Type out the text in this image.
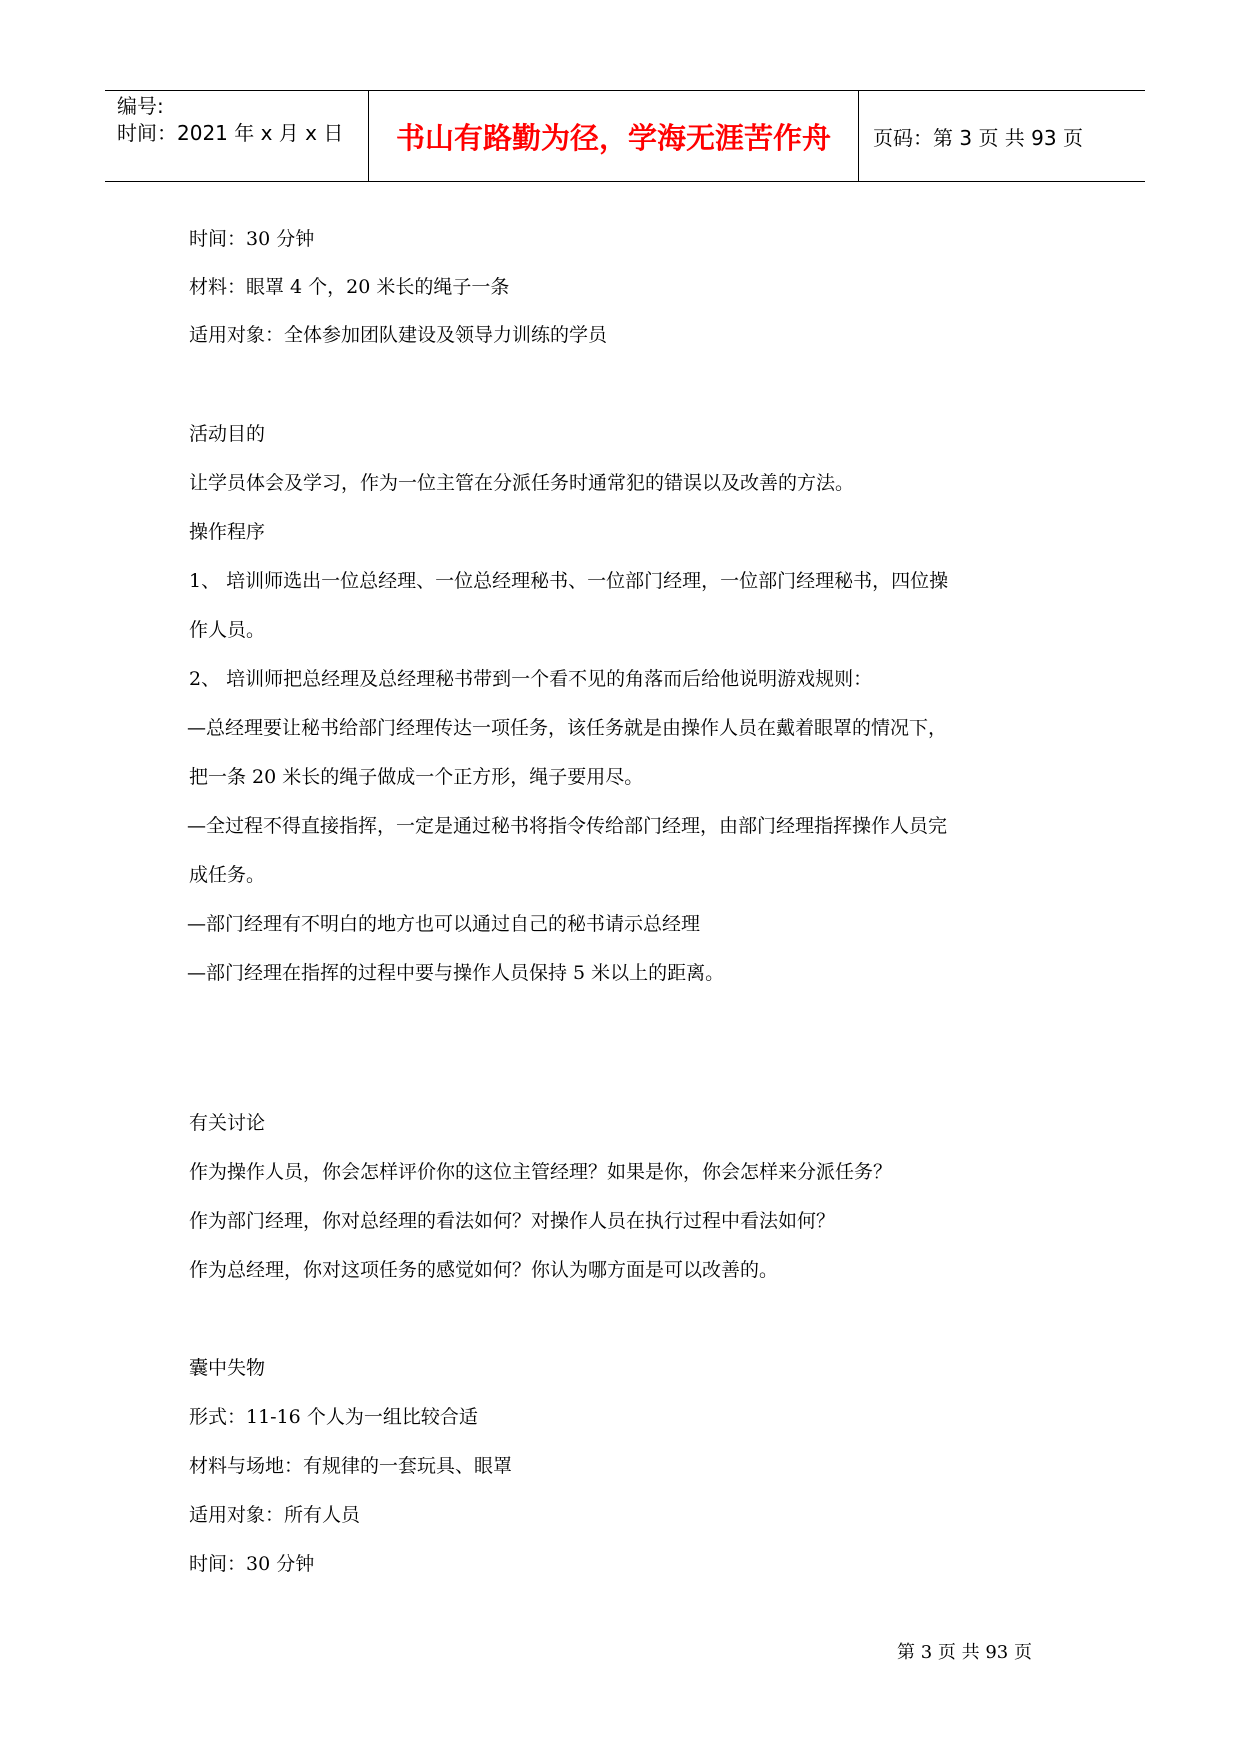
编号:
时间：2021 年 x 月 x 日	书山有路勤为径，学海无涯苦作舟	页码：第 3 页 共 93 页
时间：30 分钟
材料：眼罩 4 个，20 米长的绳子一条
适用对象：全体参加团队建设及领导力训练的学员
活动目的
让学员体会及学习，作为一位主管在分派任务时通常犯的错误以及改善的方法。
操作程序
1、 培训师选出一位总经理、一位总经理秘书、一位部门经理，一位部门经理秘书，四位操
作人员。
2、 培训师把总经理及总经理秘书带到一个看不见的角落而后给他说明游戏规则：
—总经理要让秘书给部门经理传达一项任务，该任务就是由操作人员在戴着眼罩的情况下，
把一条 20 米长的绳子做成一个正方形，绳子要用尽。
—全过程不得直接指挥，一定是通过秘书将指令传给部门经理，由部门经理指挥操作人员完
成任务。
—部门经理有不明白的地方也可以通过自己的秘书请示总经理
—部门经理在指挥的过程中要与操作人员保持 5 米以上的距离。
有关讨论
作为操作人员，你会怎样评价你的这位主管经理？如果是你，你会怎样来分派任务？
作为部门经理，你对总经理的看法如何？对操作人员在执行过程中看法如何？
作为总经理，你对这项任务的感觉如何？你认为哪方面是可以改善的。
囊中失物
形式：11-16 个人为一组比较合适
材料与场地：有规律的一套玩具、眼罩
适用对象：所有人员
时间：30 分钟
第 3 页 共 93 页
